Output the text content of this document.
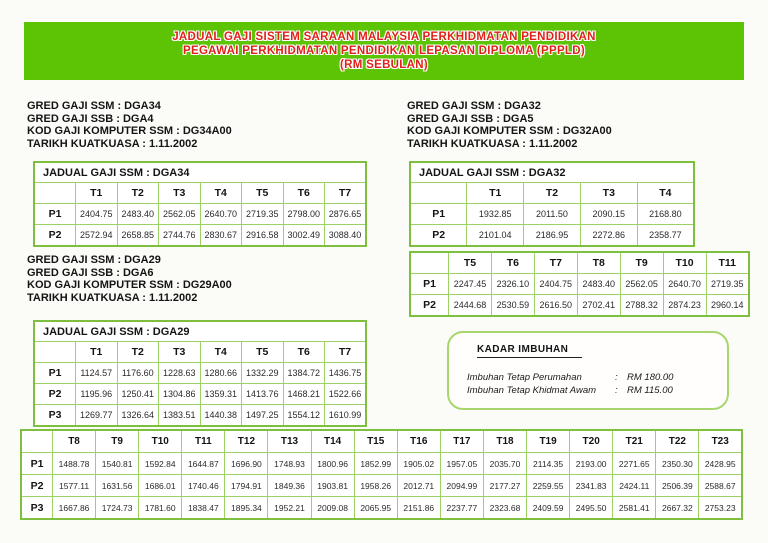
JADUAL GAJI SISTEM SARAAN MALAYSIA PERKHIDMATAN PENDIDIKAN
PEGAWAI PERKHIDMATAN PENDIDIKAN LEPASAN DIPLOMA (PPPLD)
(RM SEBULAN)
GRED GAJI SSM : DGA34
GRED GAJI SSB : DGA4
KOD GAJI KOMPUTER SSM : DG34A00
TARIKH KUATKUASA : 1.11.2002
GRED GAJI SSM : DGA32
GRED GAJI SSB : DGA5
KOD GAJI KOMPUTER SSM : DG32A00
TARIKH KUATKUASA : 1.11.2002
GRED GAJI SSM : DGA29
GRED GAJI SSB : DGA6
KOD GAJI KOMPUTER SSM : DG29A00
TARIKH KUATKUASA : 1.11.2002
JADUAL GAJI SSM : DGA34							
	T1	T2	T3	T4	T5	T6	T7
P1	2404.75	2483.40	2562.05	2640.70	2719.35	2798.00	2876.65
P2	2572.94	2658.85	2744.76	2830.67	2916.58	3002.49	3088.40
JADUAL GAJI SSM : DGA32				
	T1	T2	T3	T4
P1	1932.85	2011.50	2090.15	2168.80
P2	2101.04	2186.95	2272.86	2358.77
	T5	T6	T7	T8	T9	T10	T11
P1	2247.45	2326.10	2404.75	2483.40	2562.05	2640.70	2719.35
P2	2444.68	2530.59	2616.50	2702.41	2788.32	2874.23	2960.14
JADUAL GAJI SSM : DGA29							
	T1	T2	T3	T4	T5	T6	T7
P1	1124.57	1176.60	1228.63	1280.66	1332.29	1384.72	1436.75
P2	1195.96	1250.41	1304.86	1359.31	1413.76	1468.21	1522.66
P3	1269.77	1326.64	1383.51	1440.38	1497.25	1554.12	1610.99
	T8	T9	T10	T11	T12	T13	T14	T15	T16	T17	T18	T19	T20	T21	T22	T23
P1	1488.78	1540.81	1592.84	1644.87	1696.90	1748.93	1800.96	1852.99	1905.02	1957.05	2035.70	2114.35	2193.00	2271.65	2350.30	2428.95
P2	1577.11	1631.56	1686.01	1740.46	1794.91	1849.36	1903.81	1958.26	2012.71	2094.99	2177.27	2259.55	2341.83	2424.11	2506.39	2588.67
P3	1667.86	1724.73	1781.60	1838.47	1895.34	1952.21	2009.08	2065.95	2151.86	2237.77	2323.68	2409.59	2495.50	2581.41	2667.32	2753.23
KADAR IMBUHAN
Imbuhan Tetap Perumahan	: RM 180.00
Imbuhan Tetap Khidmat Awam	: RM 115.00
